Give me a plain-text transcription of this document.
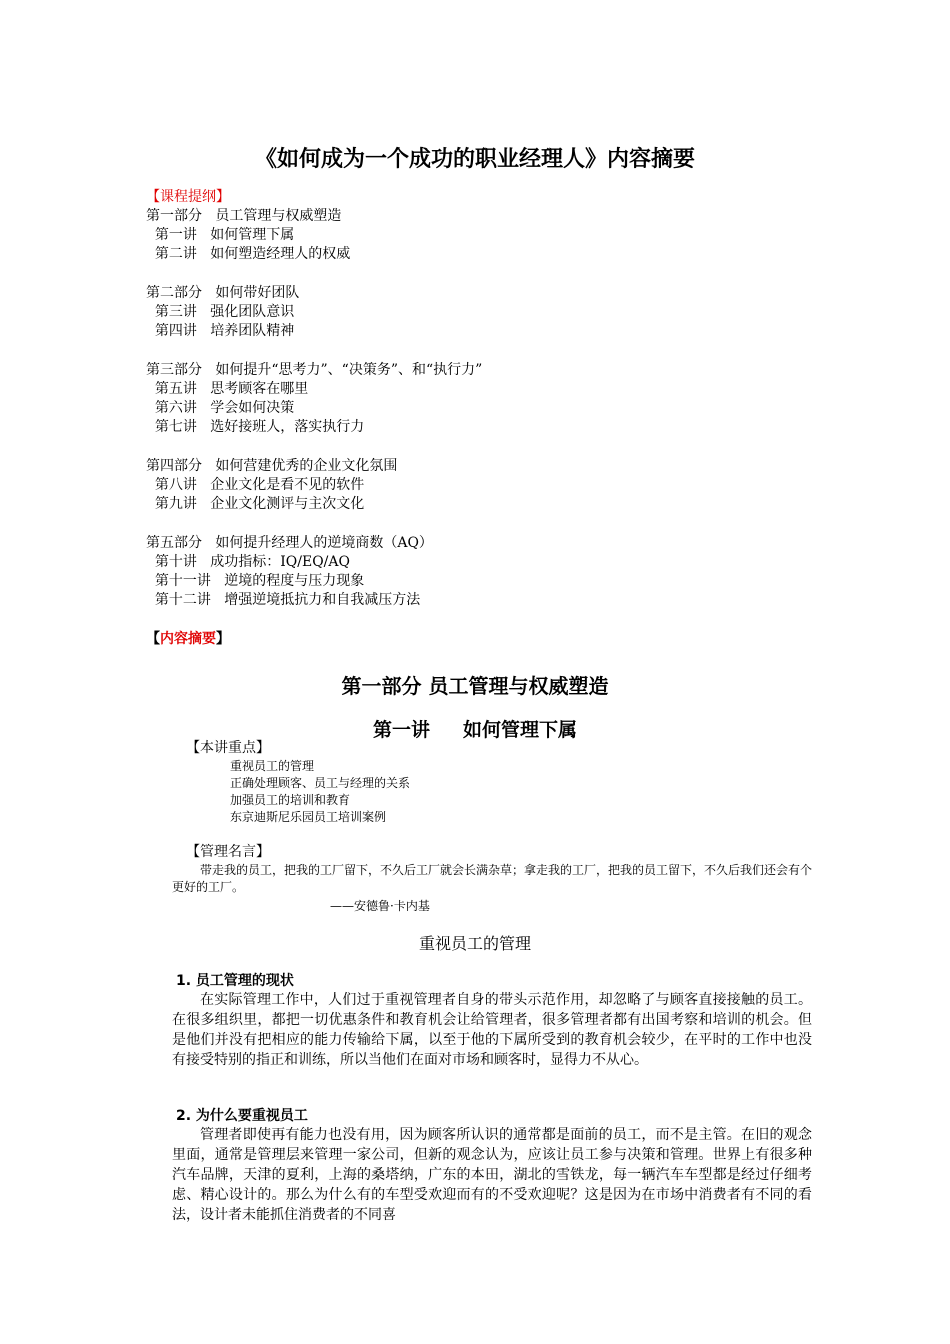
《如何成为一个成功的职业经理人》内容摘要
【课程提纲】
第一部分   员工管理与权威塑造
第一讲   如何管理下属
第二讲   如何塑造经理人的权威
第二部分   如何带好团队
第三讲   强化团队意识
第四讲   培养团队精神
第三部分   如何提升“思考力”、“决策务”、和“执行力”
第五讲   思考顾客在哪里
第六讲   学会如何决策
第七讲   选好接班人，落实执行力
第四部分   如何营建优秀的企业文化氛围
第八讲   企业文化是看不见的软件
第九讲   企业文化测评与主次文化
第五部分   如何提升经理人的逆境商数（AQ）
第十讲   成功指标：IQ/EQ/AQ
第十一讲   逆境的程度与压力现象
第十二讲   增强逆境抵抗力和自我减压方法
【内容摘要】
第一部分 员工管理与权威塑造
第一讲     如何管理下属
【本讲重点】
重视员工的管理
正确处理顾客、员工与经理的关系
加强员工的培训和教育
东京迪斯尼乐园员工培训案例
【管理名言】
带走我的员工，把我的工厂留下，不久后工厂就会长满杂草；拿走我的工厂，把我的员工留下，不久后我们还会有个更好的工厂。
——安德鲁·卡内基
重视员工的管理
1. 员工管理的现状
在实际管理工作中，人们过于重视管理者自身的带头示范作用，却忽略了与顾客直接接触的员工。在很多组织里，都把一切优惠条件和教育机会让给管理者，很多管理者都有出国考察和培训的机会。但是他们并没有把相应的能力传输给下属，以至于他的下属所受到的教育机会较少，在平时的工作中也没有接受特别的指正和训练，所以当他们在面对市场和顾客时，显得力不从心。
2. 为什么要重视员工
管理者即使再有能力也没有用，因为顾客所认识的通常都是面前的员工，而不是主管。在旧的观念里面，通常是管理层来管理一家公司，但新的观念认为，应该让员工参与决策和管理。世界上有很多种汽车品牌，天津的夏利，上海的桑塔纳，广东的本田，湖北的雪铁龙，每一辆汽车车型都是经过仔细考虑、精心设计的。那么为什么有的车型受欢迎而有的不受欢迎呢？这是因为在市场中消费者有不同的看法，设计者未能抓住消费者的不同喜
